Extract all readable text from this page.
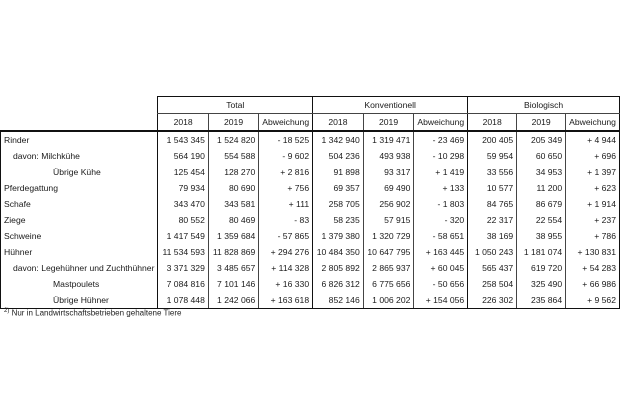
	Total			Konventionell			Biologisch		
	2018	2019	Abweichung	2018	2019	Abweichung	2018	2019	Abweichung
Rinder	1 543 345	1 524 820	- 18 525	1 342 940	1 319 471	- 23 469	200 405	205 349	+ 4 944
davon: Milchkühe	564 190	554 588	- 9 602	504 236	493 938	- 10 298	59 954	60 650	+ 696
Übrige Kühe	125 454	128 270	+ 2 816	91 898	93 317	+ 1 419	33 556	34 953	+ 1 397
Pferdegattung	79 934	80 690	+ 756	69 357	69 490	+ 133	10 577	11 200	+ 623
Schafe	343 470	343 581	+ 111	258 705	256 902	- 1 803	84 765	86 679	+ 1 914
Ziege	80 552	80 469	- 83	58 235	57 915	- 320	22 317	22 554	+ 237
Schweine	1 417 549	1 359 684	- 57 865	1 379 380	1 320 729	- 58 651	38 169	38 955	+ 786
Hühner	11 534 593	11 828 869	+ 294 276	10 484 350	10 647 795	+ 163 445	1 050 243	1 181 074	+ 130 831
davon: Legehühner und Zuchthühner	3 371 329	3 485 657	+ 114 328	2 805 892	2 865 937	+ 60 045	565 437	619 720	+ 54 283
Mastpoulets	7 084 816	7 101 146	+ 16 330	6 826 312	6 775 656	- 50 656	258 504	325 490	+ 66 986
Übrige Hühner	1 078 448	1 242 066	+ 163 618	852 146	1 006 202	+ 154 056	226 302	235 864	+ 9 562
$^{2)}$ Nur in Landwirtschaftsbetrieben gehaltene Tiere
